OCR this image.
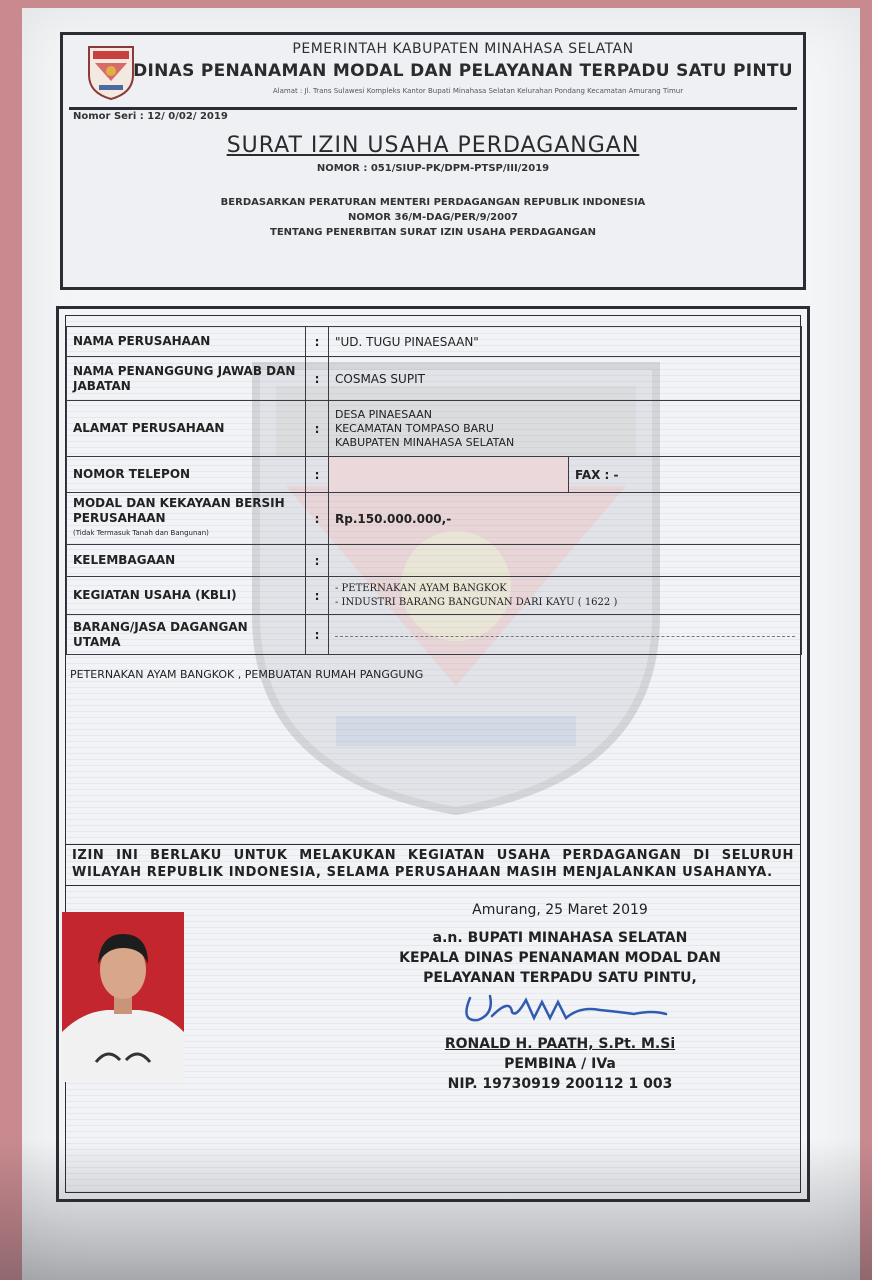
PEMERINTAH KABUPATEN MINAHASA SELATAN
DINAS PENANAMAN MODAL DAN PELAYANAN TERPADU SATU PINTU
Alamat : Jl. Trans Sulawesi Kompleks Kantor Bupati Minahasa Selatan Kelurahan Pondang Kecamatan Amurang Timur
Nomor Seri : 12/ 0/02/ 2019
SURAT IZIN USAHA PERDAGANGAN
NOMOR : 051/SIUP-PK/DPM-PTSP/III/2019
BERDASARKAN PERATURAN MENTERI PERDAGANGAN REPUBLIK INDONESIA
NOMOR 36/M-DAG/PER/9/2007
TENTANG PENERBITAN SURAT IZIN USAHA PERDAGANGAN
NAMA PERUSAHAAN	:	"UD. TUGU PINAESAAN"	
NAMA PENANGGUNG JAWAB DAN JABATAN	:	COSMAS SUPIT	
ALAMAT PERUSAHAAN	:	DESA PINAESAAN
KECAMATAN TOMPASO BARU
KABUPATEN MINAHASA SELATAN	

NOMOR TELEPON	:		FAX : -
MODAL DAN KEKAYAAN BERSIH PERUSAHAAN
(Tidak Termasuk Tanah dan Bangunan)	:	Rp.150.000.000,-	
KELEMBAGAAN	:		
KEGIATAN USAHA (KBLI)	:	- PETERNAKAN AYAM BANGKOK
- INDUSTRI BARANG BANGUNAN DARI KAYU ( 1622 )	

BARANG/JASA DAGANGAN UTAMA	:		
PETERNAKAN AYAM BANGKOK , PEMBUATAN RUMAH PANGGUNG
IZIN INI BERLAKU UNTUK MELAKUKAN KEGIATAN USAHA PERDAGANGAN DI SELURUH WILAYAH REPUBLIK INDONESIA, SELAMA PERUSAHAAN MASIH MENJALANKAN USAHANYA.
Amurang, 25 Maret 2019
a.n. BUPATI MINAHASA SELATAN
KEPALA DINAS PENANAMAN MODAL DAN
PELAYANAN TERPADU SATU PINTU,
RONALD H. PAATH, S.Pt. M.Si
PEMBINA / IVa
NIP. 19730919 200112 1 003
